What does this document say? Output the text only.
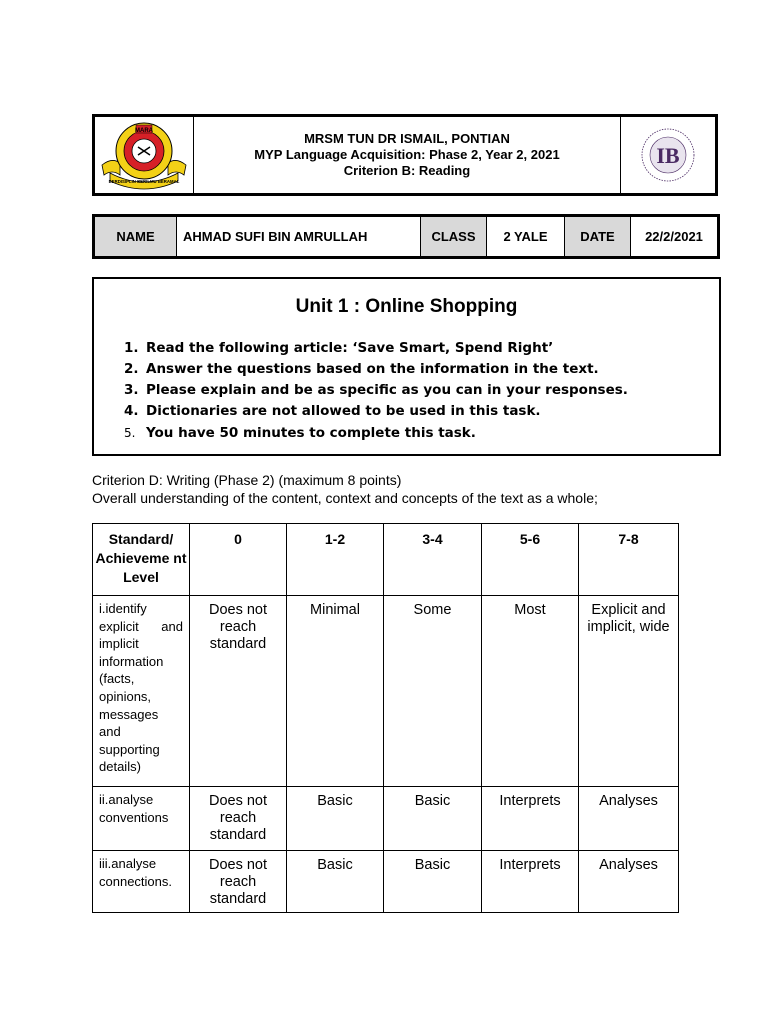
MARA
BERDISIPLIN BERILMU BERAMAL
MRSM TUN DR ISMAIL, PONTIAN
MYP Language Acquisition: Phase 2, Year 2, 2021
Criterion B: Reading
IB
NAME	AHMAD SUFI BIN AMRULLAH	CLASS	2 YALE	DATE	22/2/2021
Unit 1 : Online Shopping
1. Read the following article: ‘Save Smart, Spend Right’
2. Answer the questions based on the information in the text.
3. Please explain and be as specific as you can in your responses.
4. Dictionaries are not allowed to be used in this task.
5. You have 50 minutes to complete this task.
Criterion D: Writing (Phase 2) (maximum 8 points)
Overall understanding of the content, context and concepts of the text as a whole;
Standard/ Achieveme nt Level	0	1-2	3-4	5-6	7-8

i.identify explicit and implicit information (facts, opinions, messages and supporting details)	Does not reach standard	Minimal	Some	Most	Explicit and implicit, wide
ii.analyse conventions	Does not reach standard	Basic	Basic	Interprets	Analyses
iii.analyse connections.	Does not reach standard	Basic	Basic	Interprets	Analyses
